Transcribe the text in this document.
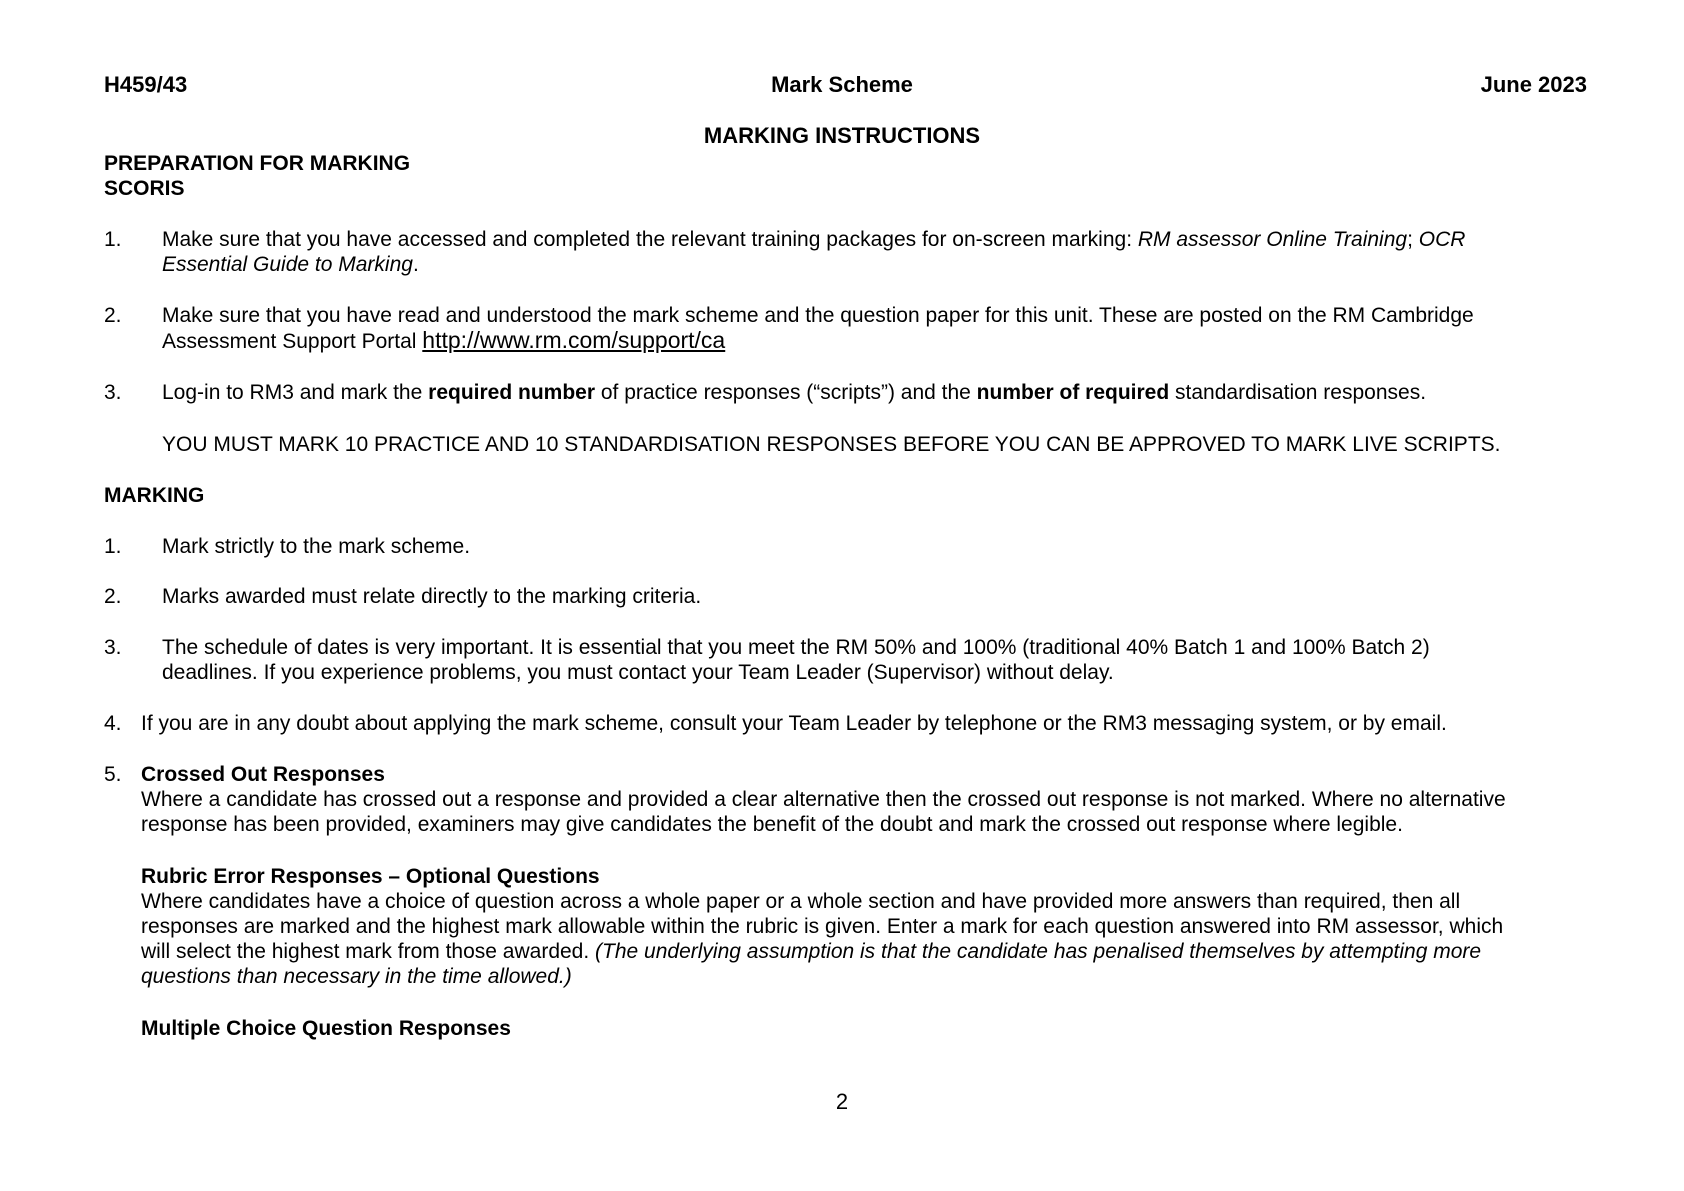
H459/43	Mark Scheme	June 2023
MARKING INSTRUCTIONS
PREPARATION FOR MARKING
SCORIS
1. Make sure that you have accessed and completed the relevant training packages for on-screen marking: RM assessor Online Training; OCR
Essential Guide to Marking.
2. Make sure that you have read and understood the mark scheme and the question paper for this unit. These are posted on the RM Cambridge
Assessment Support Portal http://www.rm.com/support/ca
3. Log-in to RM3 and mark the required number of practice responses (“scripts”) and the number of required standardisation responses.
YOU MUST MARK 10 PRACTICE AND 10 STANDARDISATION RESPONSES BEFORE YOU CAN BE APPROVED TO MARK LIVE SCRIPTS.
MARKING
1. Mark strictly to the mark scheme.
2. Marks awarded must relate directly to the marking criteria.
3. The schedule of dates is very important. It is essential that you meet the RM 50% and 100% (traditional 40% Batch 1 and 100% Batch 2)
deadlines. If you experience problems, you must contact your Team Leader (Supervisor) without delay.
4. If you are in any doubt about applying the mark scheme, consult your Team Leader by telephone or the RM3 messaging system, or by email.
5. Crossed Out Responses
Where a candidate has crossed out a response and provided a clear alternative then the crossed out response is not marked. Where no alternative
response has been provided, examiners may give candidates the benefit of the doubt and mark the crossed out response where legible.
Rubric Error Responses – Optional Questions
Where candidates have a choice of question across a whole paper or a whole section and have provided more answers than required, then all
responses are marked and the highest mark allowable within the rubric is given. Enter a mark for each question answered into RM assessor, which
will select the highest mark from those awarded. (The underlying assumption is that the candidate has penalised themselves by attempting more
questions than necessary in the time allowed.)
Multiple Choice Question Responses
2
